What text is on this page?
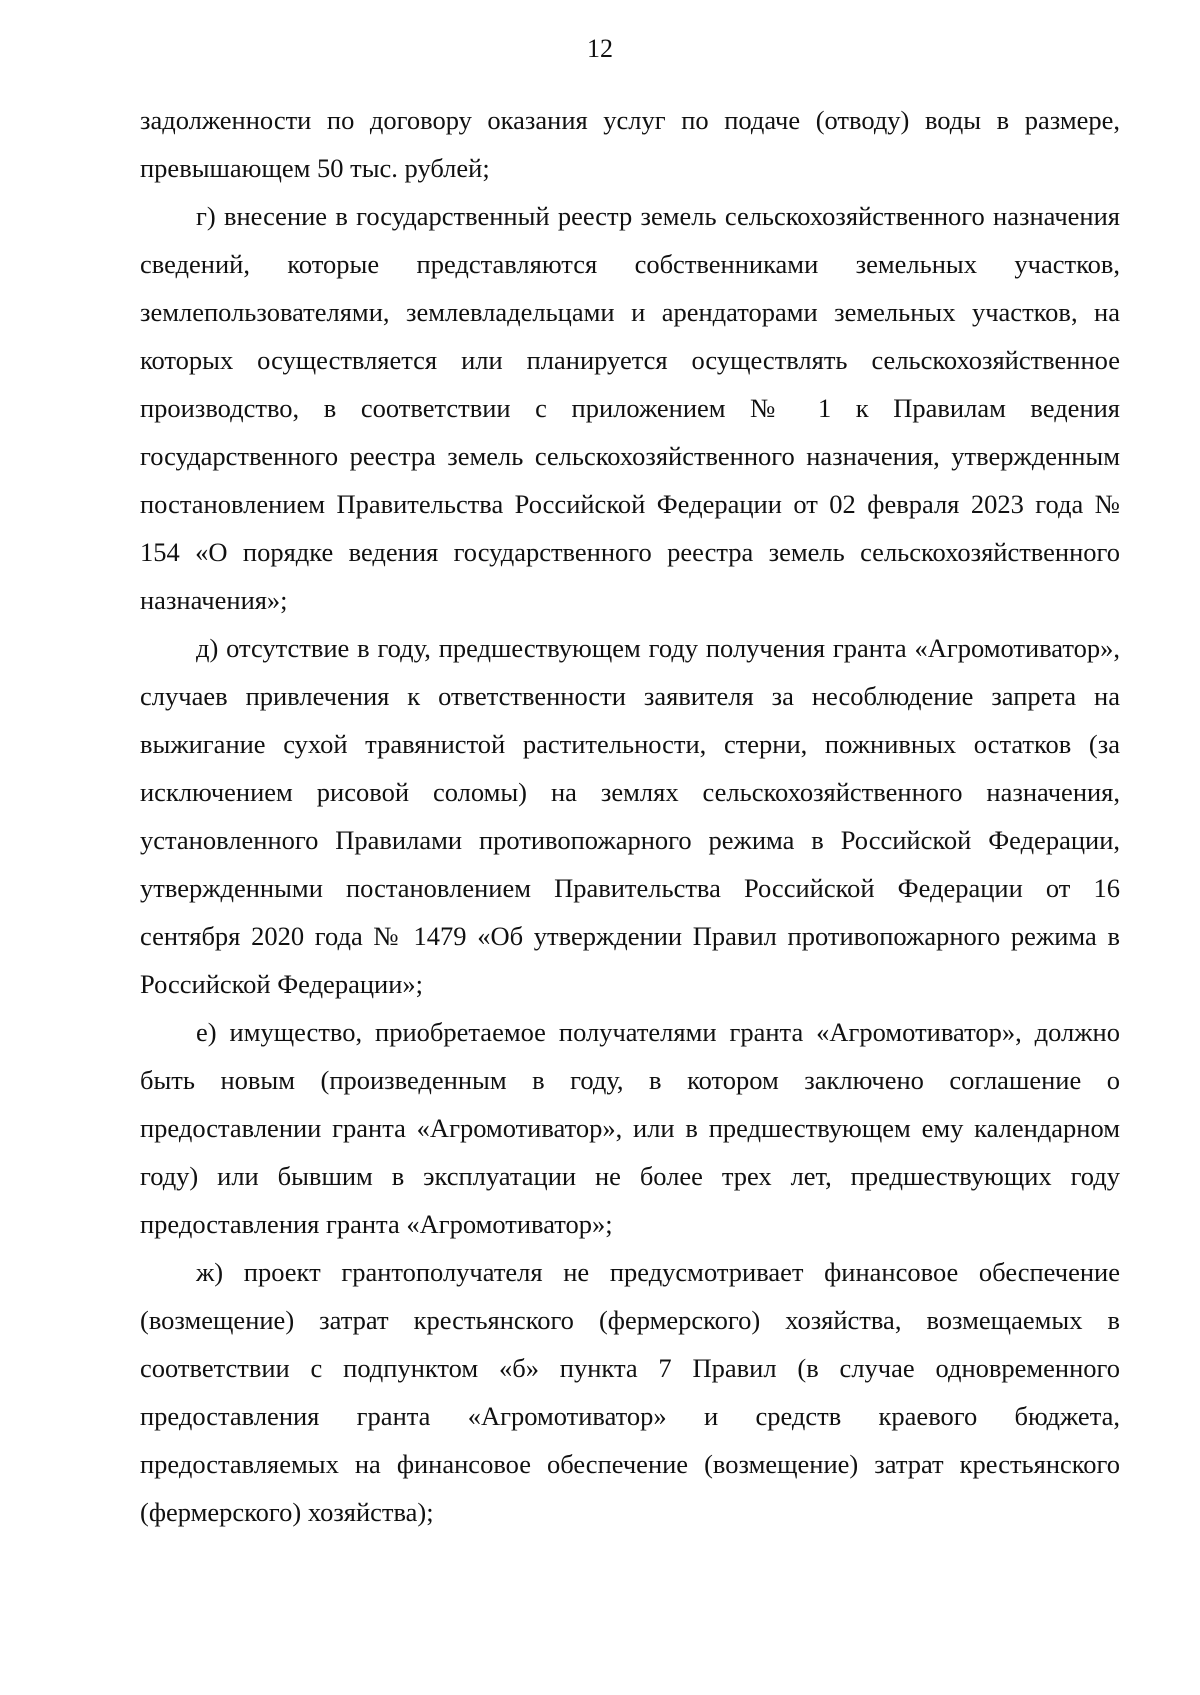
12

задолженности по договору оказания услуг по подаче (отводу) воды в размере, превышающем 50 тыс. рублей;

г) внесение в государственный реестр земель сельскохозяйственного назначения сведений, которые представляются собственниками земельных участков, землепользователями, землевладельцами и арендаторами земельных участков, на которых осуществляется или планируется осуществлять сельскохозяйственное производство, в соответствии с приложением № 1 к Правилам ведения государственного реестра земель сельскохозяйственного назначения, утвержденным постановлением Правительства Российской Федерации от 02 февраля 2023 года № 154 «О порядке ведения государственного реестра земель сельскохозяйственного назначения»;

д) отсутствие в году, предшествующем году получения гранта «Агромотиватор», случаев привлечения к ответственности заявителя за несоблюдение запрета на выжигание сухой травянистой растительности, стерни, пожнивных остатков (за исключением рисовой соломы) на землях сельскохозяйственного назначения, установленного Правилами противопожарного режима в Российской Федерации, утвержденными постановлением Правительства Российской Федерации от 16 сентября 2020 года № 1479 «Об утверждении Правил противопожарного режима в Российской Федерации»;

е) имущество, приобретаемое получателями гранта «Агромотиватор», должно быть новым (произведенным в году, в котором заключено соглашение о предоставлении гранта «Агромотиватор», или в предшествующем ему календарном году) или бывшим в эксплуатации не более трех лет, предшествующих году предоставления гранта «Агромотиватор»;

ж) проект грантополучателя не предусмотривает финансовое обеспечение (возмещение) затрат крестьянского (фермерского) хозяйства, возмещаемых в соответствии с подпунктом «б» пункта 7 Правил (в случае одновременного предоставления гранта «Агромотиватор» и средств краевого бюджета, предоставляемых на финансовое обеспечение (возмещение) затрат крестьянского (фермерского) хозяйства);
